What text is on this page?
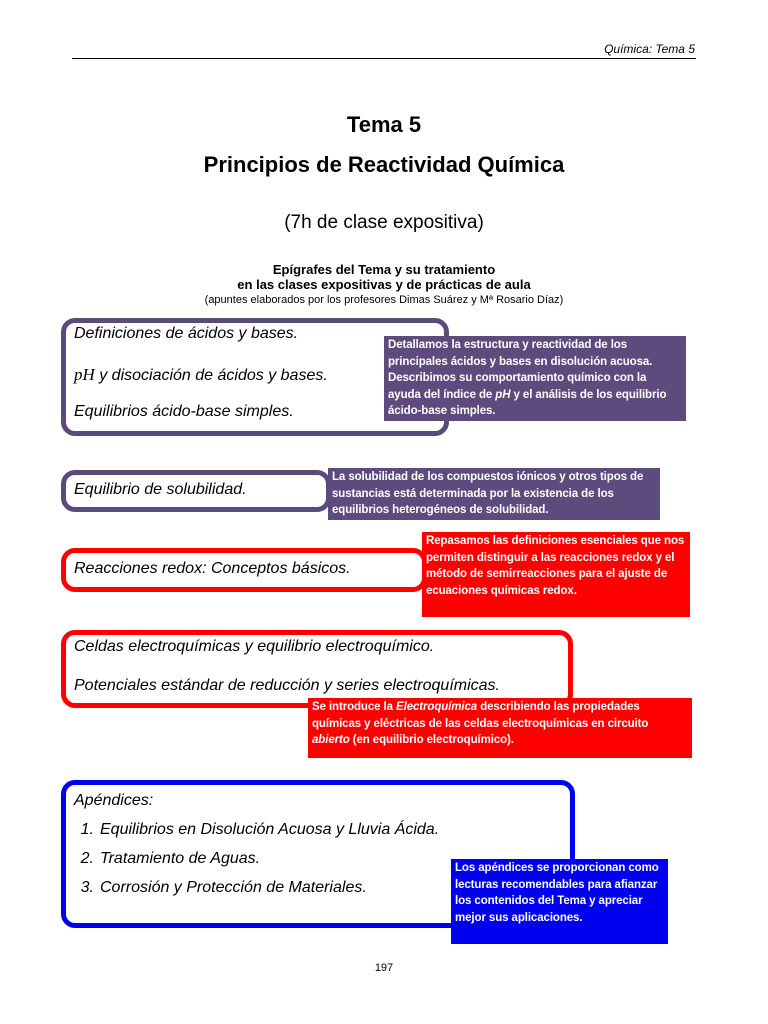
Química: Tema 5
Tema 5
Principios de Reactividad Química
(7h de clase expositiva)
Epígrafes del Tema y su tratamiento
en las clases expositivas y de prácticas de aula
(apuntes elaborados por los profesores Dimas Suárez y Mª Rosario Díaz)
Definiciones de ácidos y bases.
pH y disociación de ácidos y bases.
Equilibrios ácido-base simples.
Detallamos la estructura y reactividad de los principales ácidos y bases en disolución acuosa. Describimos su comportamiento químico con la ayuda del índice de pH y el análisis de los equilibrio ácido-base simples.
Equilibrio de solubilidad.
La solubilidad de los compuestos iónicos y otros tipos de sustancias está determinada por la existencia de los equilibrios heterogéneos de solubilidad.
Reacciones redox: Conceptos básicos.
Repasamos las definiciones esenciales que nos permiten distinguir a las reacciones redox y el método de semirreacciones para el ajuste de ecuaciones químicas redox.
Celdas electroquímicas y equilibrio electroquímico.
Potenciales estándar de reducción y series electroquímicas.
Se introduce la Electroquímica describiendo las propiedades químicas y eléctricas de las celdas electroquímicas en circuito abierto (en equilibrio electroquímico).
Apéndices:
1. Equilibrios en Disolución Acuosa y Lluvia Ácida.
2. Tratamiento de Aguas.
3. Corrosión y Protección de Materiales.
Los apéndices se proporcionan como lecturas recomendables para afianzar los contenidos del Tema y apreciar mejor sus aplicaciones.
197
